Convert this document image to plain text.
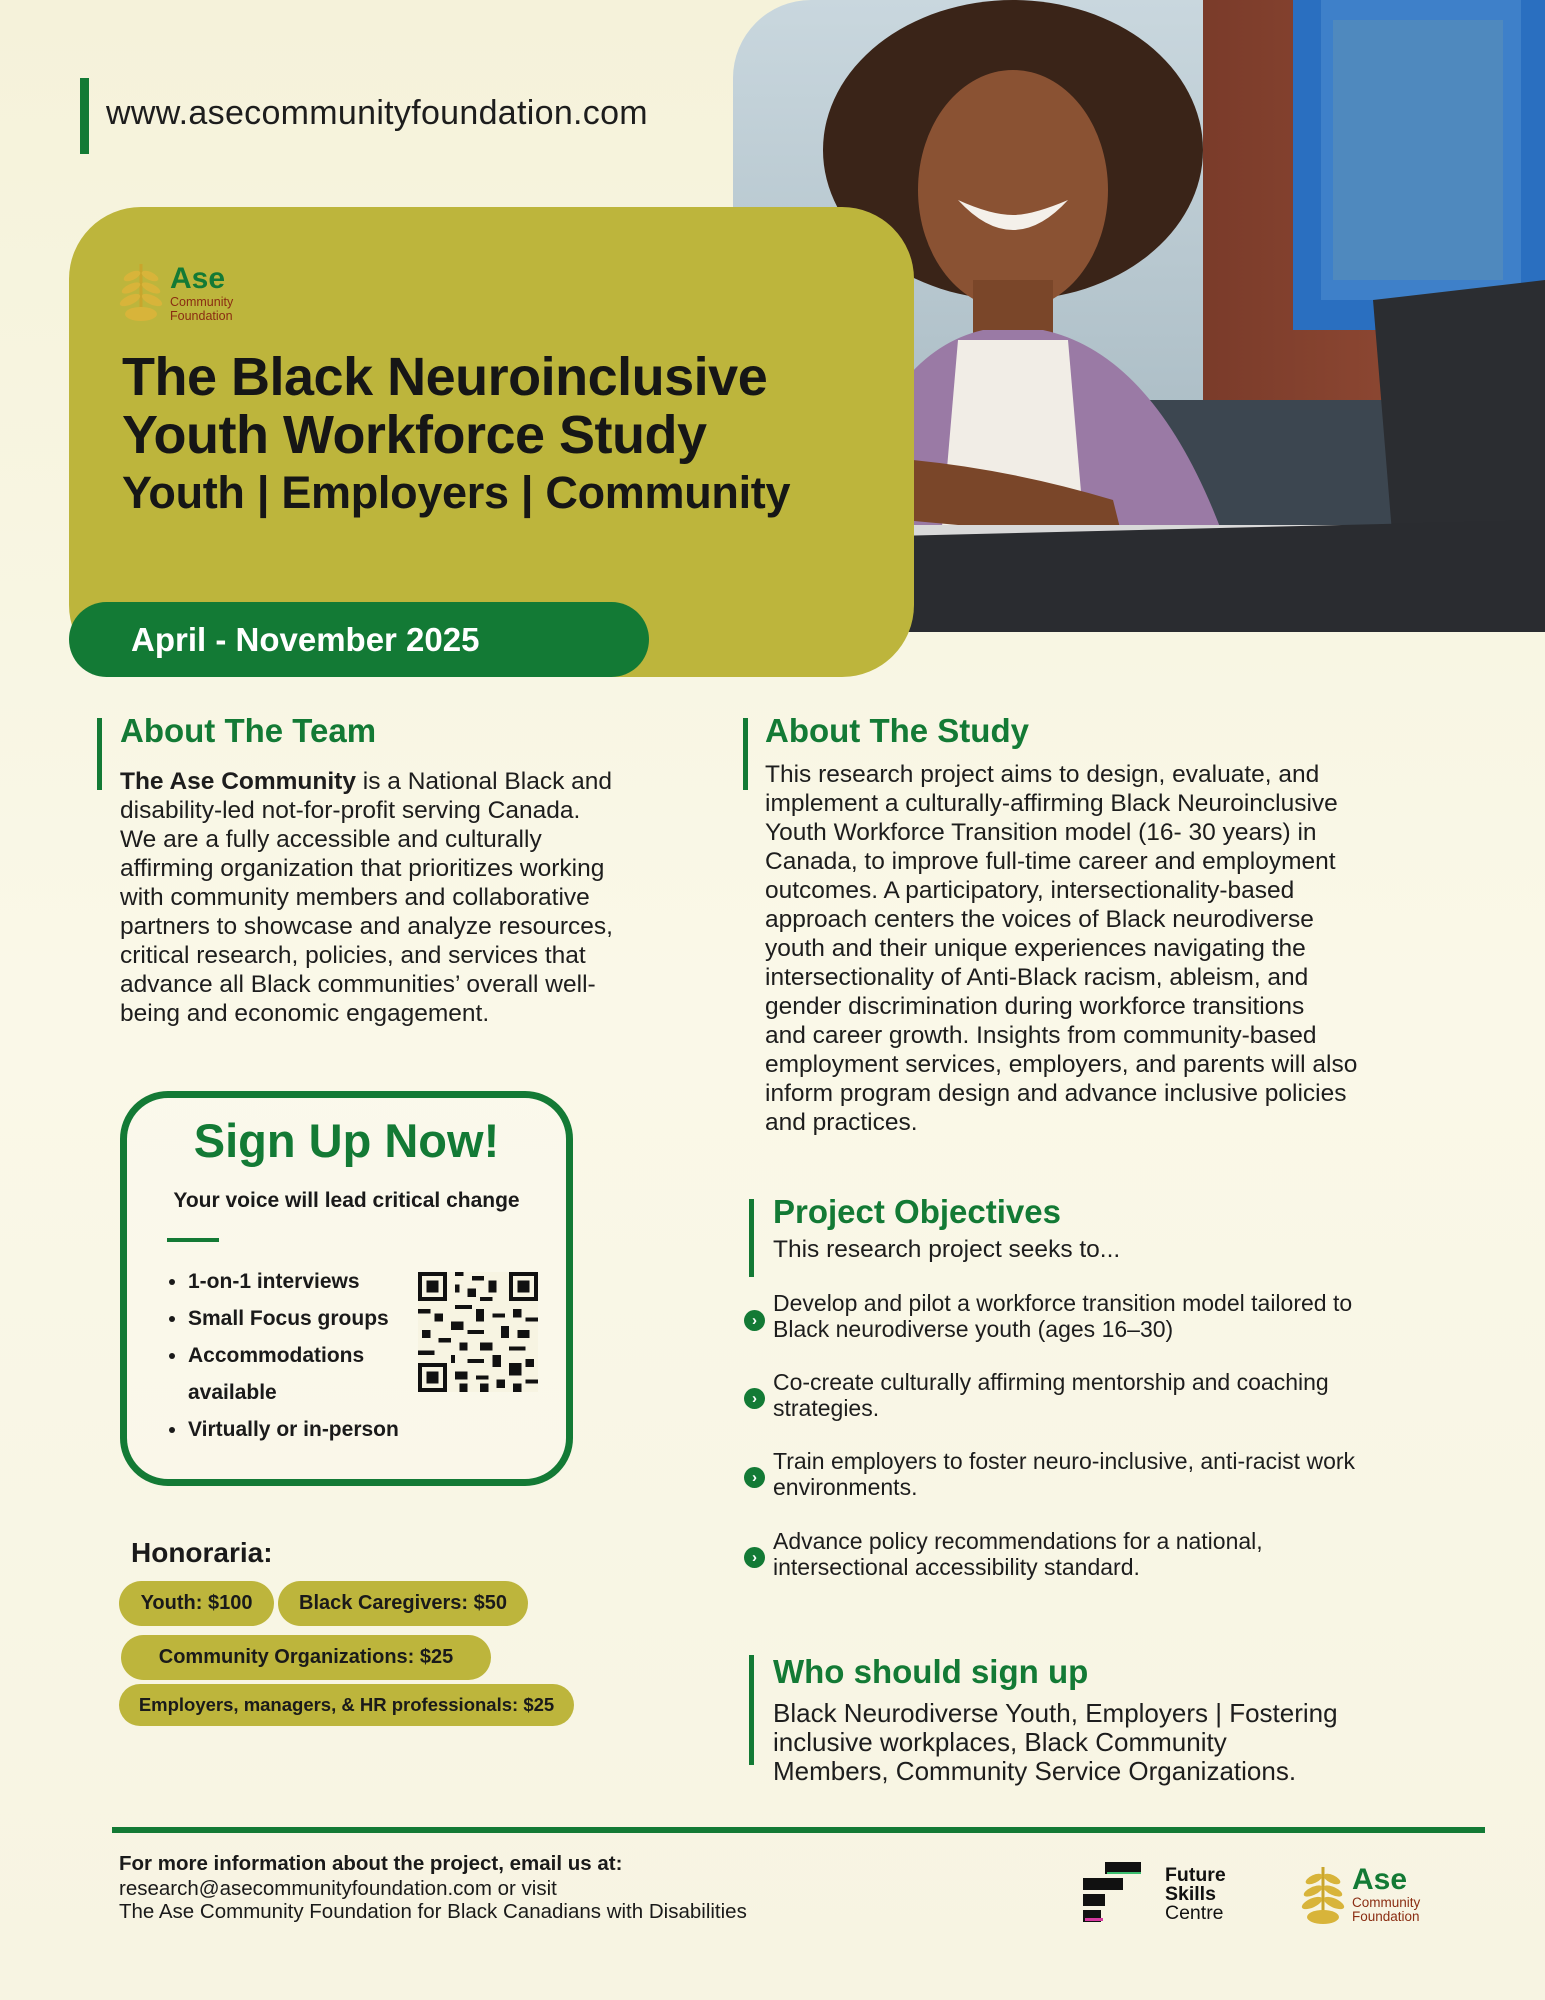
www.asecommunityfoundation.com
Ase
Community
Foundation
The Black Neuroinclusive
Youth Workforce Study
Youth | Employers | Community
April - November 2025
About The Team
The Ase Community is a National Black and
disability-led not-for-profit serving Canada.
We are a fully accessible and culturally
affirming organization that prioritizes working
with community members and collaborative
partners to showcase and analyze resources,
critical research, policies, and services that
advance all Black communities’ overall well-
being and economic engagement.
About The Study
This research project aims to design, evaluate, and
implement a culturally-affirming Black Neuroinclusive
Youth Workforce Transition model (16- 30 years) in
Canada, to improve full-time career and employment
outcomes. A participatory, intersectionality-based
approach centers the voices of Black neurodiverse
youth and their unique experiences navigating the
intersectionality of Anti-Black racism, ableism, and
gender discrimination during workforce transitions
and career growth. Insights from community-based
employment services, employers, and parents will also
inform program design and advance inclusive policies
and practices.
Sign Up Now!
Your voice will lead critical change
• 1-on-1 interviews
• Small Focus groups
• Accommodations available
• Virtually or in-person
Honoraria:
Youth: $100	Black Caregivers: $50
Community Organizations: $25
Employers, managers, & HR professionals: $25
Project Objectives
This research project seeks to...
›
Develop and pilot a workforce transition model tailored to
Black neurodiverse youth (ages 16–30)
›
Co-create culturally affirming mentorship and coaching
strategies.
›
Train employers to foster neuro-inclusive, anti-racist work
environments.
›
Advance policy recommendations for a national,
intersectional accessibility standard.
Who should sign up
Black Neurodiverse Youth, Employers | Fostering
inclusive workplaces, Black Community
Members, Community Service Organizations.
For more information about the project, email us at:
research@asecommunityfoundation.com or visit
The Ase Community Foundation for Black Canadians with Disabilities
Future
Skills
Centre
Ase
Community
Foundation
